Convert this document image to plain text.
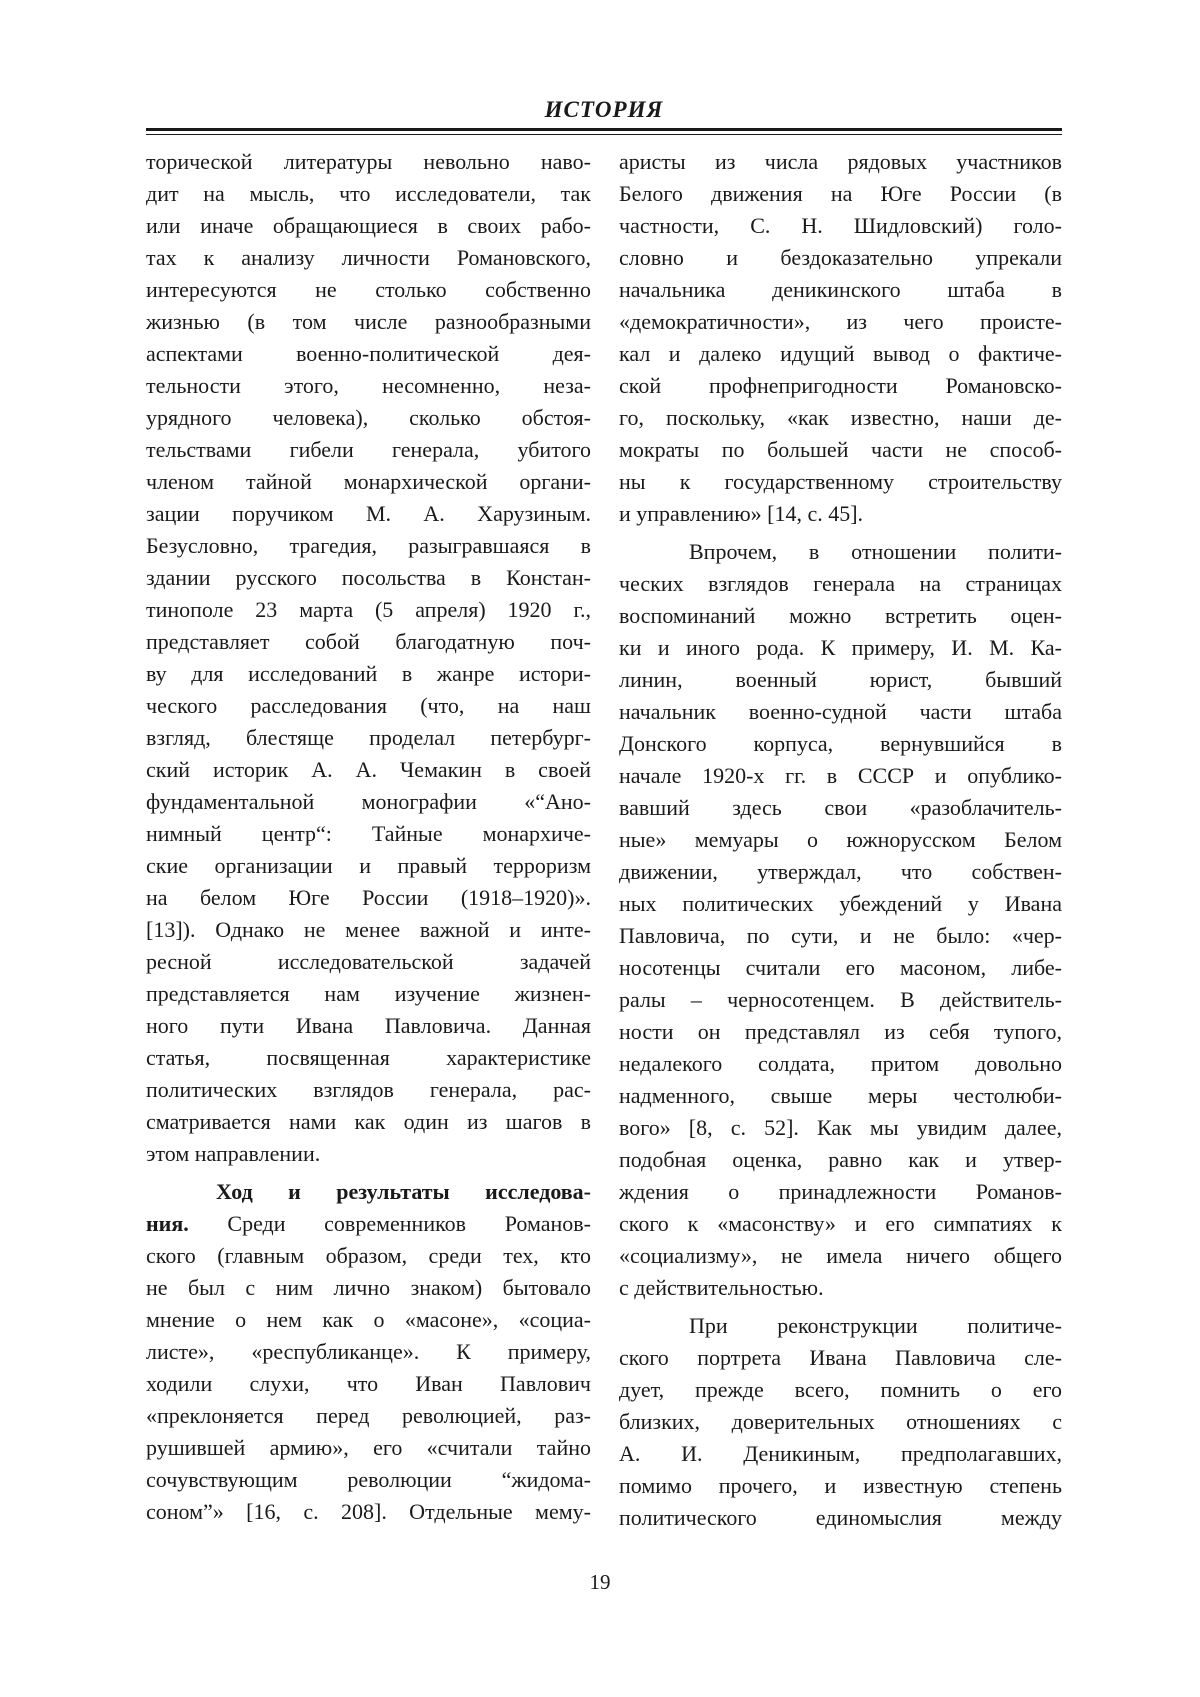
ИСТОРИЯ
торической литературы невольно наво-
дит на мысль, что исследователи, так
или иначе обращающиеся в своих рабо-
тах к анализу личности Романовского,
интересуются не столько собственно
жизнью (в том числе разнообразными
аспектами военно-политической дея-
тельности этого, несомненно, неза-
урядного человека), сколько обстоя-
тельствами гибели генерала, убитого
членом тайной монархической органи-
зации поручиком М. А. Харузиным.
Безусловно, трагедия, разыгравшаяся в
здании русского посольства в Констан-
тинополе 23 марта (5 апреля) 1920 г.,
представляет собой благодатную поч-
ву для исследований в жанре истори-
ческого расследования (что, на наш
взгляд, блестяще проделал петербург-
ский историк А. А. Чемакин в своей
фундаментальной монографии «“Ано-
нимный центр“: Тайные монархиче-
ские организации и правый терроризм
на белом Юге России (1918–1920)».
[13]). Однако не менее важной и инте-
ресной исследовательской задачей
представляется нам изучение жизнен-
ного пути Ивана Павловича. Данная
статья, посвященная характеристике
политических взглядов генерала, рас-
сматривается нами как один из шагов в
этом направлении.
Ход и результаты исследова-
ния. Среди современников Романов-
ского (главным образом, среди тех, кто
не был с ним лично знаком) бытовало
мнение о нем как о «масоне», «социа-
листе», «республиканце». К примеру,
ходили слухи, что Иван Павлович
«преклоняется перед революцией, раз-
рушившей армию», его «считали тайно
сочувствующим революции “жидома-
соном”» [16, с. 208]. Отдельные мему-
аристы из числа рядовых участников
Белого движения на Юге России (в
частности, С. Н. Шидловский) голо-
словно и бездоказательно упрекали
начальника деникинского штаба в
«демократичности», из чего происте-
кал и далеко идущий вывод о фактиче-
ской профнепригодности Романовско-
го, поскольку, «как известно, наши де-
мократы по большей части не способ-
ны к государственному строительству
и управлению» [14, с. 45].
Впрочем, в отношении полити-
ческих взглядов генерала на страницах
воспоминаний можно встретить оцен-
ки и иного рода. К примеру, И. М. Ка-
линин, военный юрист, бывший
начальник военно-судной части штаба
Донского корпуса, вернувшийся в
начале 1920-х гг. в СССР и опублико-
вавший здесь свои «разоблачитель-
ные» мемуары о южнорусском Белом
движении, утверждал, что собствен-
ных политических убеждений у Ивана
Павловича, по сути, и не было: «чер-
носотенцы считали его масоном, либе-
ралы – черносотенцем. В действитель-
ности он представлял из себя тупого,
недалекого солдата, притом довольно
надменного, свыше меры честолюби-
вого» [8, с. 52]. Как мы увидим далее,
подобная оценка, равно как и утвер-
ждения о принадлежности Романов-
ского к «масонству» и его симпатиях к
«социализму», не имела ничего общего
с действительностью.
При реконструкции политиче-
ского портрета Ивана Павловича сле-
дует, прежде всего, помнить о его
близких, доверительных отношениях с
А. И. Деникиным, предполагавших,
помимо прочего, и известную степень
политического единомыслия между
19
